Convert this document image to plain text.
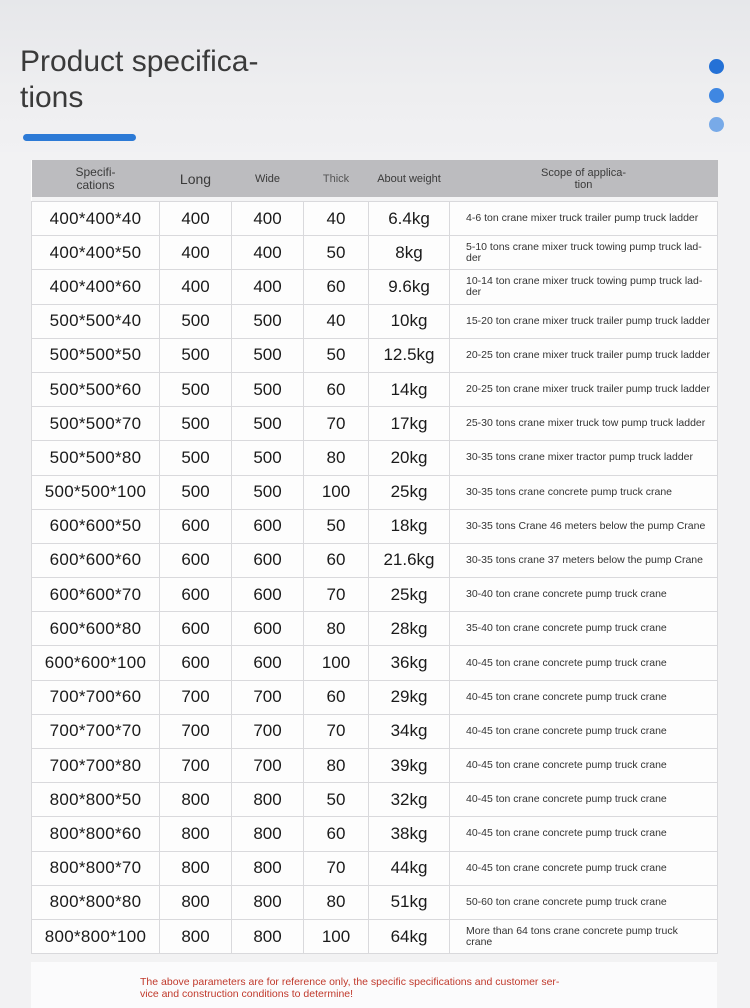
Product specifica-
tions
Specifi-
cations	Long	Wide	Thick	About weight	Scope of applica-
tion

400*400*40	400	400	40	6.4kg	4-6 ton crane mixer truck trailer pump truck ladder
400*400*50	400	400	50	8kg	5-10 tons crane mixer truck towing pump truck lad-
der
400*400*60	400	400	60	9.6kg	10-14 ton crane mixer truck towing pump truck lad-
der
500*500*40	500	500	40	10kg	15-20 ton crane mixer truck trailer pump truck ladder
500*500*50	500	500	50	12.5kg	20-25 ton crane mixer truck trailer pump truck ladder
500*500*60	500	500	60	14kg	20-25 ton crane mixer truck trailer pump truck ladder
500*500*70	500	500	70	17kg	25-30 tons crane mixer truck tow pump truck ladder
500*500*80	500	500	80	20kg	30-35 tons crane mixer tractor pump truck ladder
500*500*100	500	500	100	25kg	30-35 tons crane concrete pump truck crane
600*600*50	600	600	50	18kg	30-35 tons Crane 46 meters below the pump Crane
600*600*60	600	600	60	21.6kg	30-35 tons crane 37 meters below the pump Crane
600*600*70	600	600	70	25kg	30-40 ton crane concrete pump truck crane
600*600*80	600	600	80	28kg	35-40 ton crane concrete pump truck crane
600*600*100	600	600	100	36kg	40-45 ton crane concrete pump truck crane
700*700*60	700	700	60	29kg	40-45 ton crane concrete pump truck crane
700*700*70	700	700	70	34kg	40-45 ton crane concrete pump truck crane
700*700*80	700	700	80	39kg	40-45 ton crane concrete pump truck crane
800*800*50	800	800	50	32kg	40-45 ton crane concrete pump truck crane
800*800*60	800	800	60	38kg	40-45 ton crane concrete pump truck crane
800*800*70	800	800	70	44kg	40-45 ton crane concrete pump truck crane
800*800*80	800	800	80	51kg	50-60 ton crane concrete pump truck crane
800*800*100	800	800	100	64kg	More than 64 tons crane concrete pump truck
crane
The above parameters are for reference only, the specific specifications and customer ser-
vice and construction conditions to determine!
